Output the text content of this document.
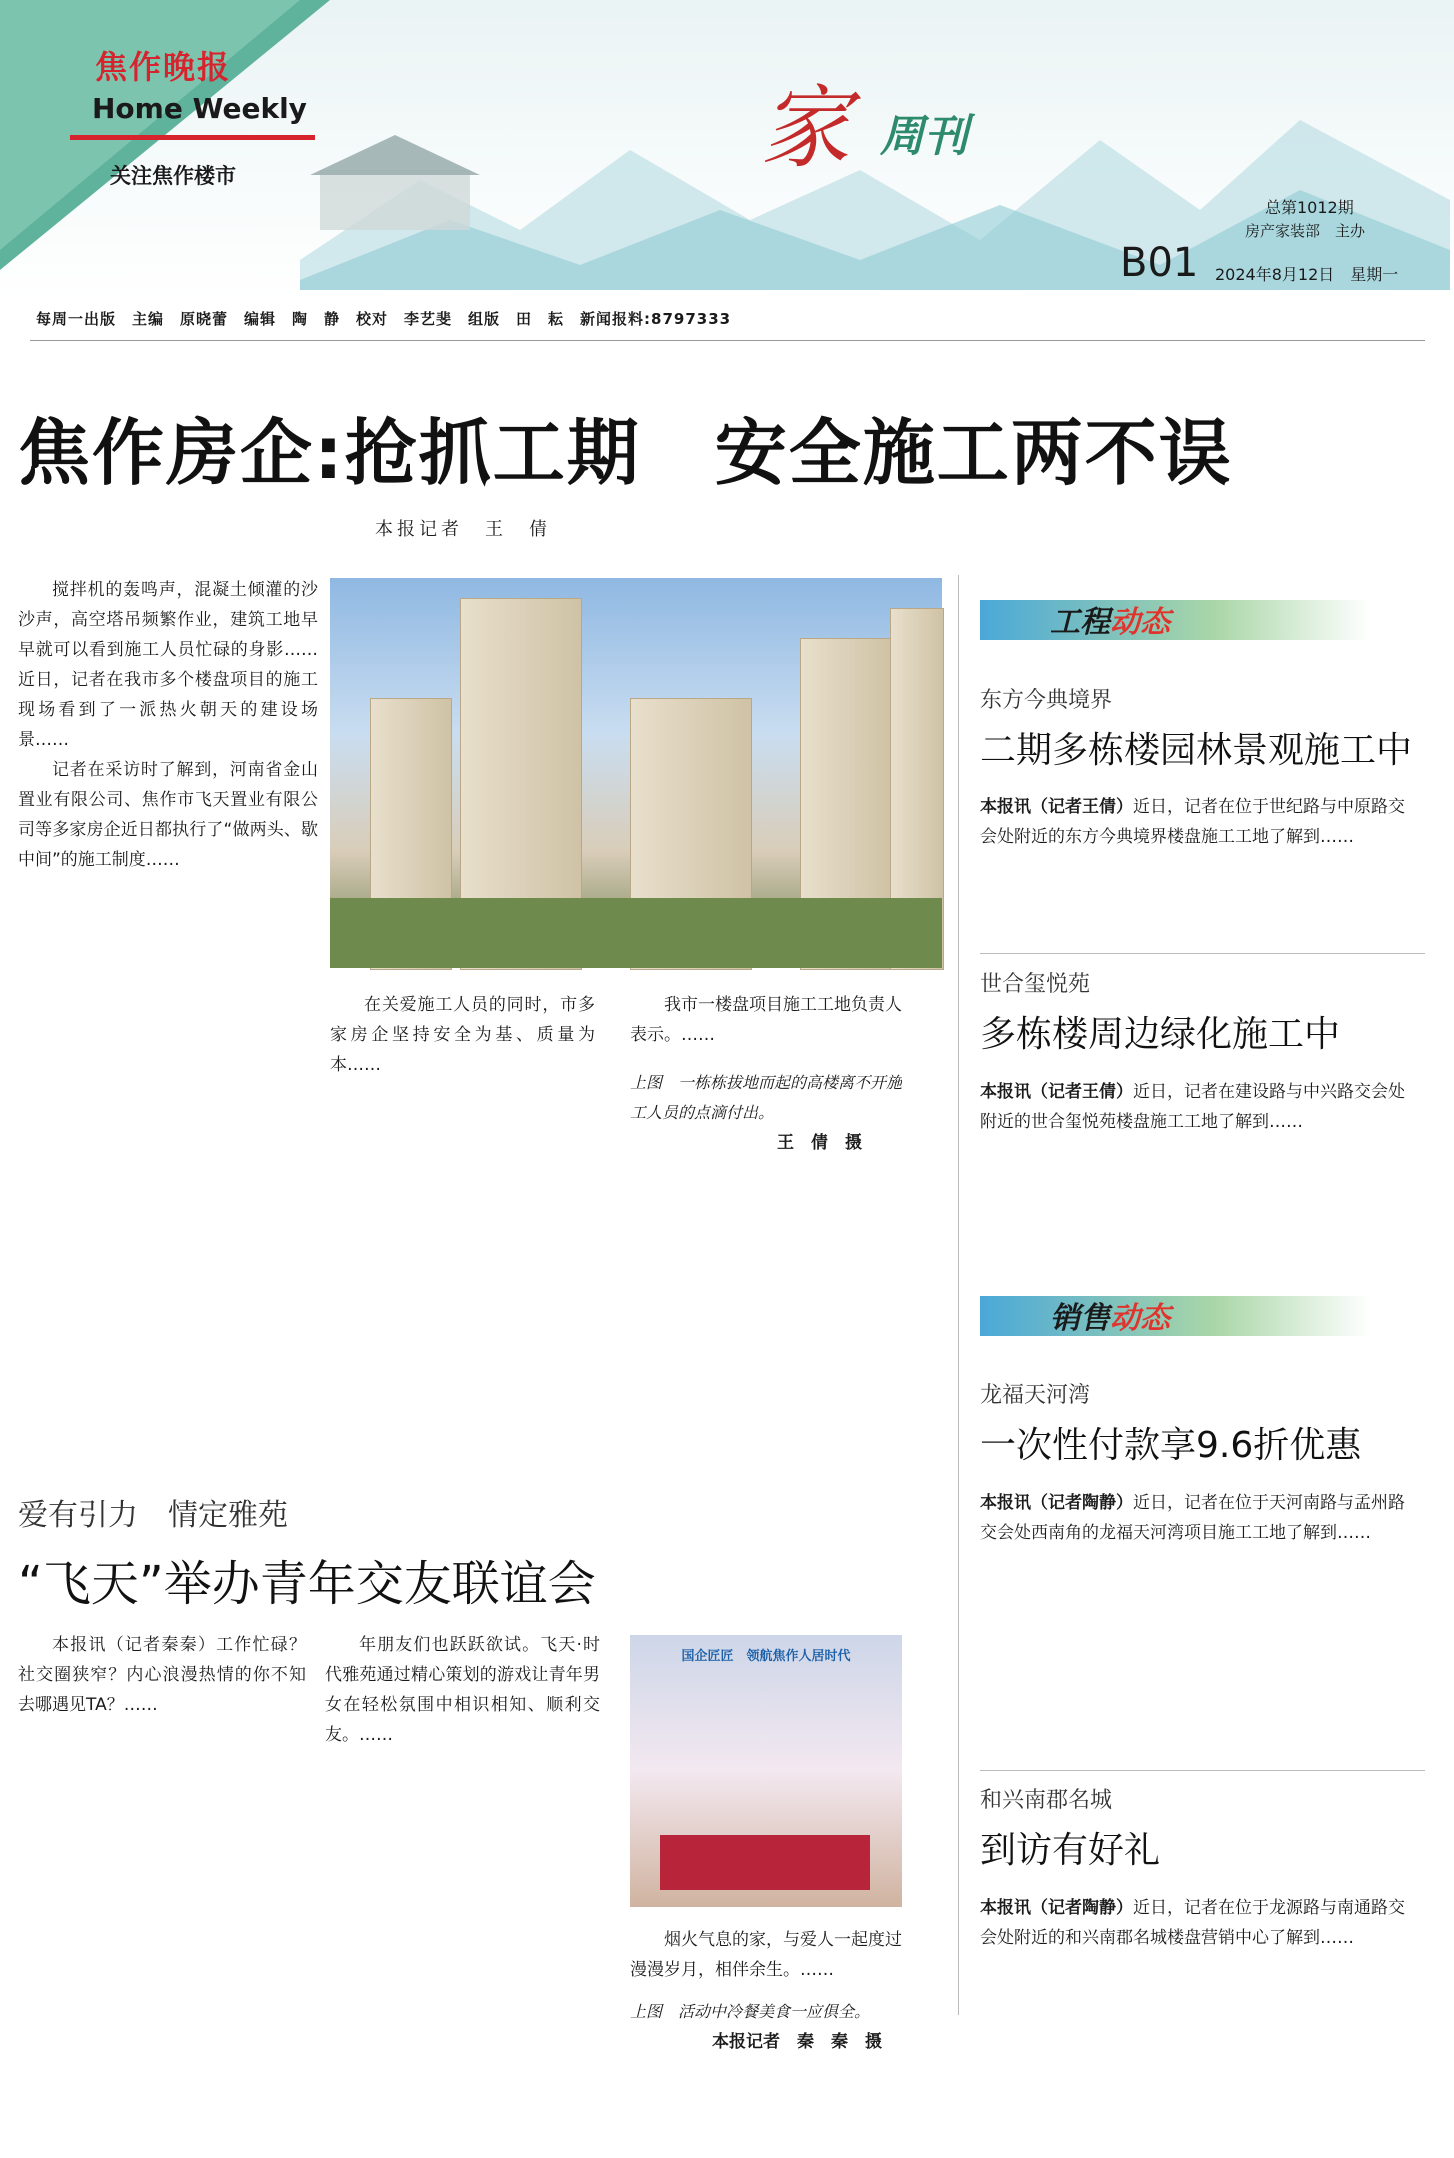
焦作晚报
Home Weekly
关注焦作楼市	家 周刊
总第1012期
房产家装部　主办
B01 2024年8月12日　星期一
每周一出版　主编　原晓蕾　编辑　陶　静　校对　李艺斐　组版　田　耘　新闻报料:8797333
焦作房企:抢抓工期　安全施工两不误
本报记者　王　倩

搅拌机的轰鸣声，混凝土倾灌的沙沙声，高空塔吊频繁作业，建筑工地早早就可以看到施工人员忙碌的身影……近日，记者在我市多个楼盘项目的施工现场看到了一派热火朝天的建设场景……

记者在采访时了解到，河南省金山置业有限公司、焦作市飞天置业有限公司等多家房企近日都执行了“做两头、歇中间”的施工制度……

在关爱施工人员的同时，市多家房企坚持安全为基、质量为本……

我市一楼盘项目施工工地负责人表示。……

上图　一栋栋拔地而起的高楼离不开施工人员的点滴付出。
王　倩　摄
爱有引力　情定雅苑
“飞天”举办青年交友联谊会

本报讯（记者秦秦）工作忙碌？社交圈狭窄？内心浪漫热情的你不知去哪遇见TA？……

年朋友们也跃跃欲试。飞天·时代雅苑通过精心策划的游戏让青年男女在轻松氛围中相识相知、顺利交友。……

国企匠匠　领航焦作人居时代

烟火气息的家，与爱人一起度过漫漫岁月，相伴余生。……

上图　活动中冷餐美食一应俱全。
本报记者　秦　秦　摄
工程动态
东方今典境界
二期多栋楼园林景观施工中
本报讯（记者王倩）近日，记者在位于世纪路与中原路交会处附近的东方今典境界楼盘施工工地了解到……
世合玺悦苑
多栋楼周边绿化施工中
本报讯（记者王倩）近日，记者在建设路与中兴路交会处附近的世合玺悦苑楼盘施工工地了解到……
销售动态
龙福天河湾
一次性付款享9.6折优惠
本报讯（记者陶静）近日，记者在位于天河南路与孟州路交会处西南角的龙福天河湾项目施工工地了解到……
和兴南郡名城
到访有好礼
本报讯（记者陶静）近日，记者在位于龙源路与南通路交会处附近的和兴南郡名城楼盘营销中心了解到……
